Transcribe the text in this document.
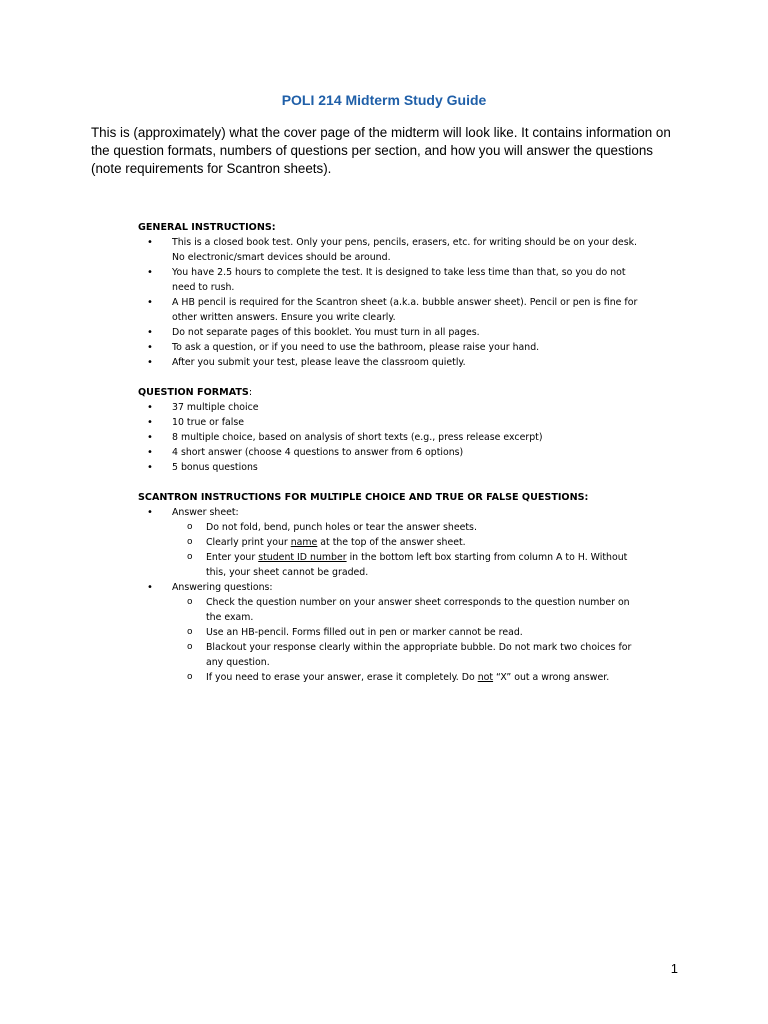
POLI 214 Midterm Study Guide

This is (approximately) what the cover page of the midterm will look like. It contains information on the question formats, numbers of questions per section, and how you will answer the questions (note requirements for Scantron sheets).

GENERAL INSTRUCTIONS:
• This is a closed book test. Only your pens, pencils, erasers, etc. for writing should be on your desk. No electronic/smart devices should be around.
• You have 2.5 hours to complete the test. It is designed to take less time than that, so you do not need to rush.
• A HB pencil is required for the Scantron sheet (a.k.a. bubble answer sheet). Pencil or pen is fine for other written answers. Ensure you write clearly.
• Do not separate pages of this booklet. You must turn in all pages.
• To ask a question, or if you need to use the bathroom, please raise your hand.
• After you submit your test, please leave the classroom quietly.
QUESTION FORMATS:
• 37 multiple choice
• 10 true or false
• 8 multiple choice, based on analysis of short texts (e.g., press release excerpt)
• 4 short answer (choose 4 questions to answer from 6 options)
• 5 bonus questions
SCANTRON INSTRUCTIONS FOR MULTIPLE CHOICE AND TRUE OR FALSE QUESTIONS:
• Answer sheet:
o Do not fold, bend, punch holes or tear the answer sheets.
o Clearly print your name at the top of the answer sheet.
o Enter your student ID number in the bottom left box starting from column A to H. Without this, your sheet cannot be graded.
• Answering questions:
o Check the question number on your answer sheet corresponds to the question number on the exam.
o Use an HB-pencil. Forms filled out in pen or marker cannot be read.
o Blackout your response clearly within the appropriate bubble. Do not mark two choices for any question.
o If you need to erase your answer, erase it completely. Do not “X” out a wrong answer.
1
